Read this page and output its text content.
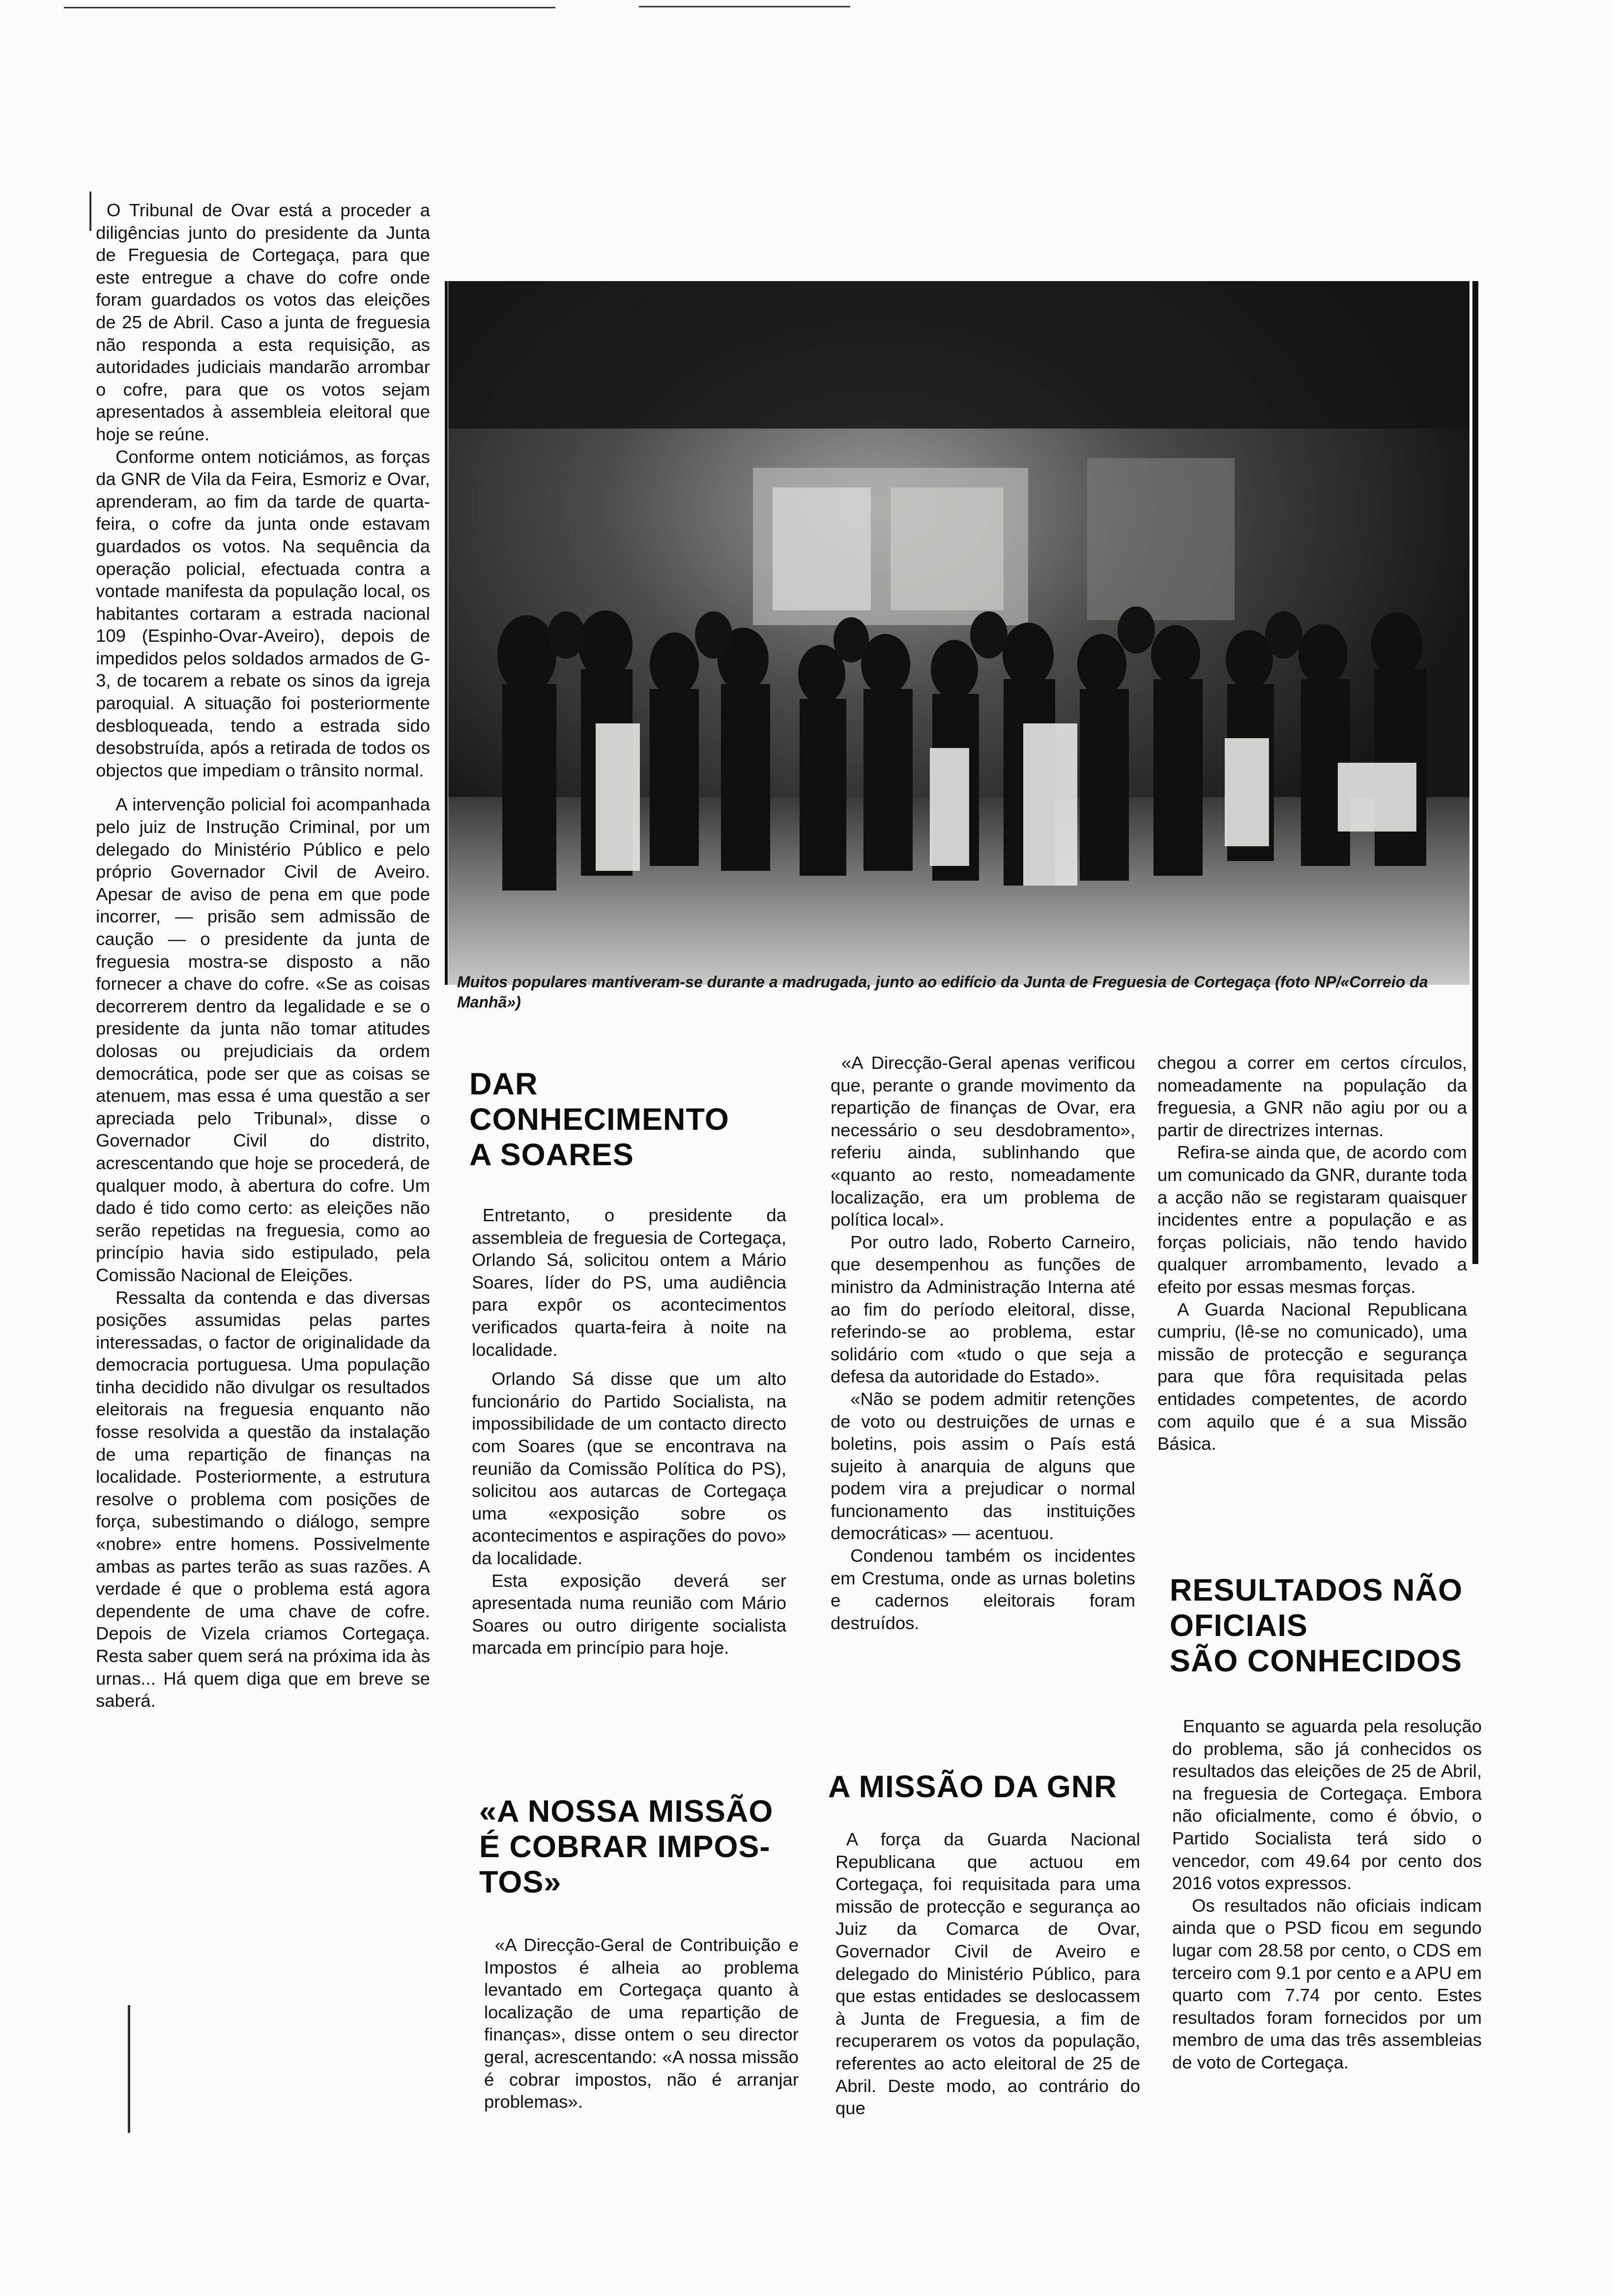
O Tribunal de Ovar está a proceder a diligências junto do presidente da Junta de Freguesia de Cortegaça, para que este entregue a chave do cofre onde foram guardados os votos das eleições de 25 de Abril. Caso a junta de freguesia não responda a esta requisição, as autoridades judiciais mandarão arrombar o cofre, para que os votos sejam apresentados à assembleia eleitoral que hoje se reúne.

Conforme ontem noticiámos, as forças da GNR de Vila da Feira, Esmoriz e Ovar, aprenderam, ao fim da tarde de quarta-feira, o cofre da junta onde estavam guardados os votos. Na sequência da operação policial, efectuada contra a vontade manifesta da população local, os habitantes cortaram a estrada nacional 109 (Espinho-Ovar-Aveiro), depois de impedidos pelos soldados armados de G-3, de tocarem a rebate os sinos da igreja paroquial. A situação foi posteriormente desbloqueada, tendo a estrada sido desobstruída, após a retirada de todos os objectos que impediam o trânsito normal.

A intervenção policial foi acompanhada pelo juiz de Instrução Criminal, por um delegado do Ministério Público e pelo próprio Governador Civil de Aveiro. Apesar de aviso de pena em que pode incorrer, — prisão sem admissão de caução — o presidente da junta de freguesia mostra-se disposto a não fornecer a chave do cofre. «Se as coisas decorrerem dentro da legalidade e se o presidente da junta não tomar atitudes dolosas ou prejudiciais da ordem democrática, pode ser que as coisas se atenuem, mas essa é uma questão a ser apreciada pelo Tribunal», disse o Governador Civil do distrito, acrescentando que hoje se procederá, de qualquer modo, à abertura do cofre. Um dado é tido como certo: as eleições não serão repetidas na freguesia, como ao princípio havia sido estipulado, pela Comissão Nacional de Eleições.

Ressalta da contenda e das diversas posições assumidas pelas partes interessadas, o factor de originalidade da democracia portuguesa. Uma população tinha decidido não divulgar os resultados eleitorais na freguesia enquanto não fosse resolvida a questão da instalação de uma repartição de finanças na localidade. Posteriormente, a estrutura resolve o problema com posições de força, subestimando o diálogo, sempre «nobre» entre homens. Possivelmente ambas as partes terão as suas razões. A verdade é que o problema está agora dependente de uma chave de cofre. Depois de Vizela criamos Cortegaça. Resta saber quem será na próxima ida às urnas... Há quem diga que em breve se saberá.

Muitos populares mantiveram-se durante a madrugada, junto ao edifício da Junta de Freguesia de Cortegaça (foto NP/«Correio da Manhã»)

DAR
CONHECIMENTO
A SOARES

Entretanto, o presidente da assembleia de freguesia de Cortegaça, Orlando Sá, solicitou ontem a Mário Soares, líder do PS, uma audiência para expôr os acontecimentos verificados quarta-feira à noite na localidade.

Orlando Sá disse que um alto funcionário do Partido Socialista, na impossibilidade de um contacto directo com Soares (que se encontrava na reunião da Comissão Política do PS), solicitou aos autarcas de Cortegaça uma «exposição sobre os acontecimentos e aspirações do povo» da localidade.

Esta exposição deverá ser apresentada numa reunião com Mário Soares ou outro dirigente socialista marcada em princípio para hoje.

«A NOSSA MISSÃO
É COBRAR IMPOS-
TOS»

«A Direcção-Geral de Contribuição e Impostos é alheia ao problema levantado em Cortegaça quanto à localização de uma repartição de finanças», disse ontem o seu director geral, acrescentando: «A nossa missão é cobrar impostos, não é arranjar problemas».

«A Direcção-Geral apenas verificou que, perante o grande movimento da repartição de finanças de Ovar, era necessário o seu desdobramento», referiu ainda, sublinhando que «quanto ao resto, nomeadamente localização, era um problema de política local».

Por outro lado, Roberto Carneiro, que desempenhou as funções de ministro da Administração Interna até ao fim do período eleitoral, disse, referindo-se ao problema, estar solidário com «tudo o que seja a defesa da autoridade do Estado».

«Não se podem admitir retenções de voto ou destruições de urnas e boletins, pois assim o País está sujeito à anarquia de alguns que podem vira a prejudicar o normal funcionamento das instituições democráticas» — acentuou.

Condenou também os incidentes em Crestuma, onde as urnas boletins e cadernos eleitorais foram destruídos.

A MISSÃO DA GNR

A força da Guarda Nacional Republicana que actuou em Cortegaça, foi requisitada para uma missão de protecção e segurança ao Juiz da Comarca de Ovar, Governador Civil de Aveiro e delegado do Ministério Público, para que estas entidades se deslocassem à Junta de Freguesia, a fim de recuperarem os votos da população, referentes ao acto eleitoral de 25 de Abril. Deste modo, ao contrário do que

chegou a correr em certos círculos, nomeadamente na população da freguesia, a GNR não agiu por ou a partir de directrizes internas.

Refira-se ainda que, de acordo com um comunicado da GNR, durante toda a acção não se registaram quaisquer incidentes entre a população e as forças policiais, não tendo havido qualquer arrombamento, levado a efeito por essas mesmas forças.

A Guarda Nacional Republicana cumpriu, (lê-se no comunicado), uma missão de protecção e segurança para que fôra requisitada pelas entidades competentes, de acordo com aquilo que é a sua Missão Básica.

RESULTADOS NÃO
OFICIAIS
SÃO CONHECIDOS

Enquanto se aguarda pela resolução do problema, são já conhecidos os resultados das eleições de 25 de Abril, na freguesia de Cortegaça. Embora não oficialmente, como é óbvio, o Partido Socialista terá sido o vencedor, com 49.64 por cento dos 2016 votos expressos.

Os resultados não oficiais indicam ainda que o PSD ficou em segundo lugar com 28.58 por cento, o CDS em terceiro com 9.1 por cento e a APU em quarto com 7.74 por cento. Estes resultados foram fornecidos por um membro de uma das três assembleias de voto de Cortegaça.
